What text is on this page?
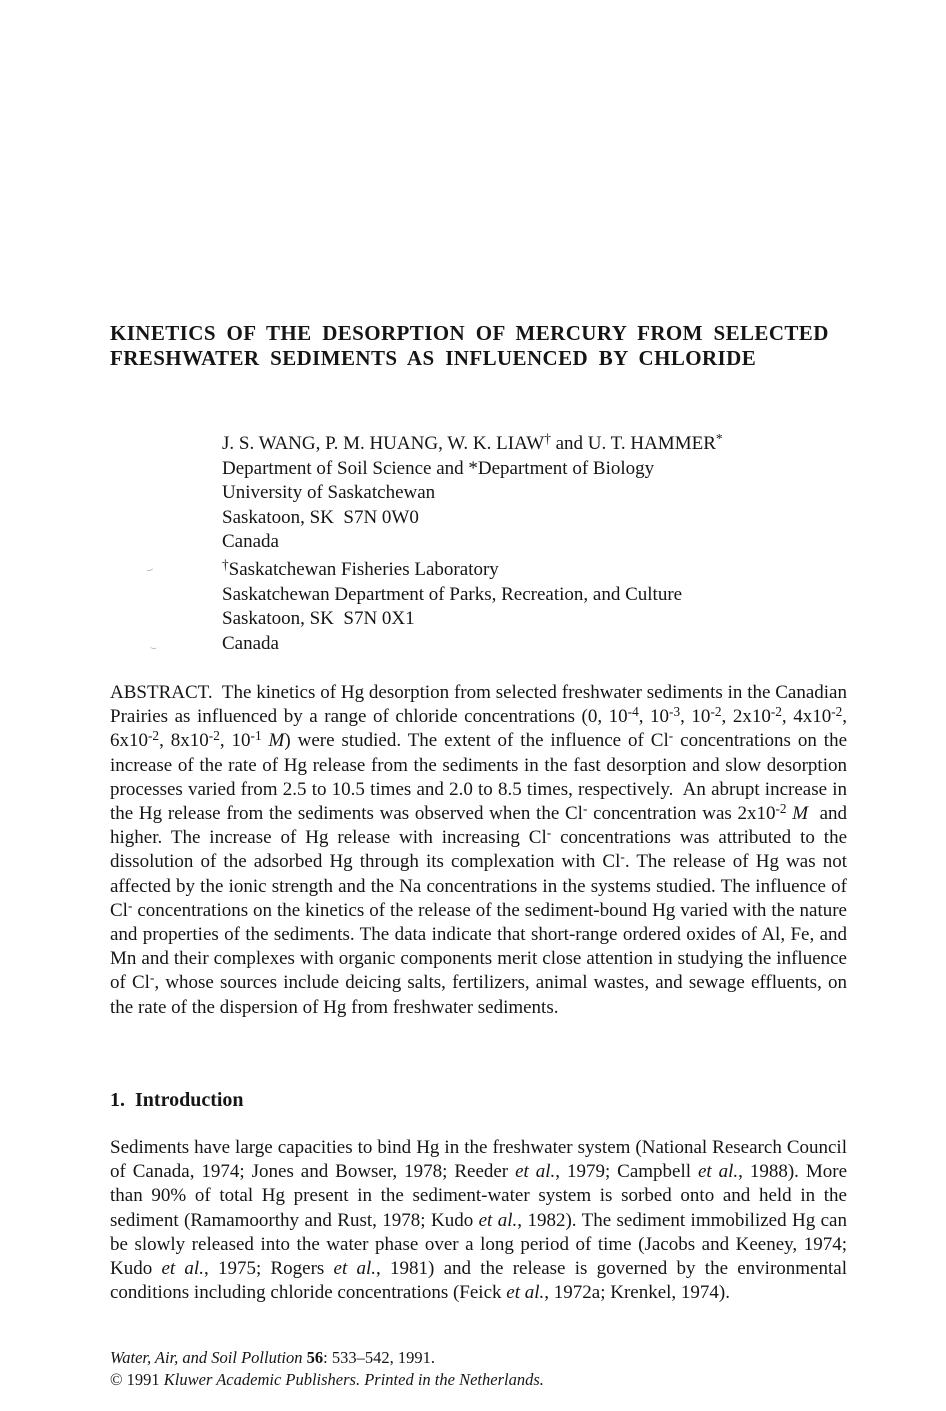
KINETICS OF THE DESORPTION OF MERCURY FROM SELECTED
FRESHWATER SEDIMENTS AS INFLUENCED BY CHLORIDE
J. S. WANG, P. M. HUANG, W. K. LIAW† and U. T. HAMMER*
Department of Soil Science and *Department of Biology
University of Saskatchewan
Saskatoon, SK  S7N 0W0
Canada
†Saskatchewan Fisheries Laboratory
Saskatchewan Department of Parks, Recreation, and Culture
Saskatoon, SK  S7N 0X1
Canada
ABSTRACT.  The kinetics of Hg desorption from selected freshwater sediments in the Canadian Prairies as influenced by a range of chloride concentrations (0, $10^{-4}$, $10^{-3}$, $10^{-2}$, $2x10^{-2}$, $4x10^{-2}$, $6x10^{-2}$, $8x10^{-2}$, $10^{-1}$ M) were studied. The extent of the influence of Cl- concentrations on the increase of the rate of Hg release from the sediments in the fast desorption and slow desorption processes varied from 2.5 to 10.5 times and 2.0 to 8.5 times, respectively.  An abrupt increase in the Hg release from the sediments was observed when the Cl- concentration was $2x10^{-2}$ M  and higher. The increase of Hg release with increasing Cl- concentrations was attributed to the dissolution of the adsorbed Hg through its complexation with Cl-. The release of Hg was not affected by the ionic strength and the Na concentrations in the systems studied. The influence of Cl- concentrations on the kinetics of the release of the sediment-bound Hg varied with the nature and properties of the sediments. The data indicate that short-range ordered oxides of Al, Fe, and Mn and their complexes with organic components merit close attention in studying the influence of Cl-, whose sources include deicing salts, fertilizers, animal wastes, and sewage effluents, on the rate of the dispersion of Hg from freshwater sediments.
1.  Introduction
Sediments have large capacities to bind Hg in the freshwater system (National Research Council of Canada, 1974; Jones and Bowser, 1978; Reeder et al., 1979; Campbell et al., 1988). More than 90% of total Hg present in the sediment-water system is sorbed onto and held in the sediment (Ramamoorthy and Rust, 1978; Kudo et al., 1982). The sediment immobilized Hg can be slowly released into the water phase over a long period of time (Jacobs and Keeney, 1974; Kudo et al., 1975; Rogers et al., 1981) and the release is governed by the environmental conditions including chloride concentrations (Feick et al., 1972a; Krenkel, 1974).
Water, Air, and Soil Pollution 56: 533–542, 1991.
© 1991 Kluwer Academic Publishers. Printed in the Netherlands.
